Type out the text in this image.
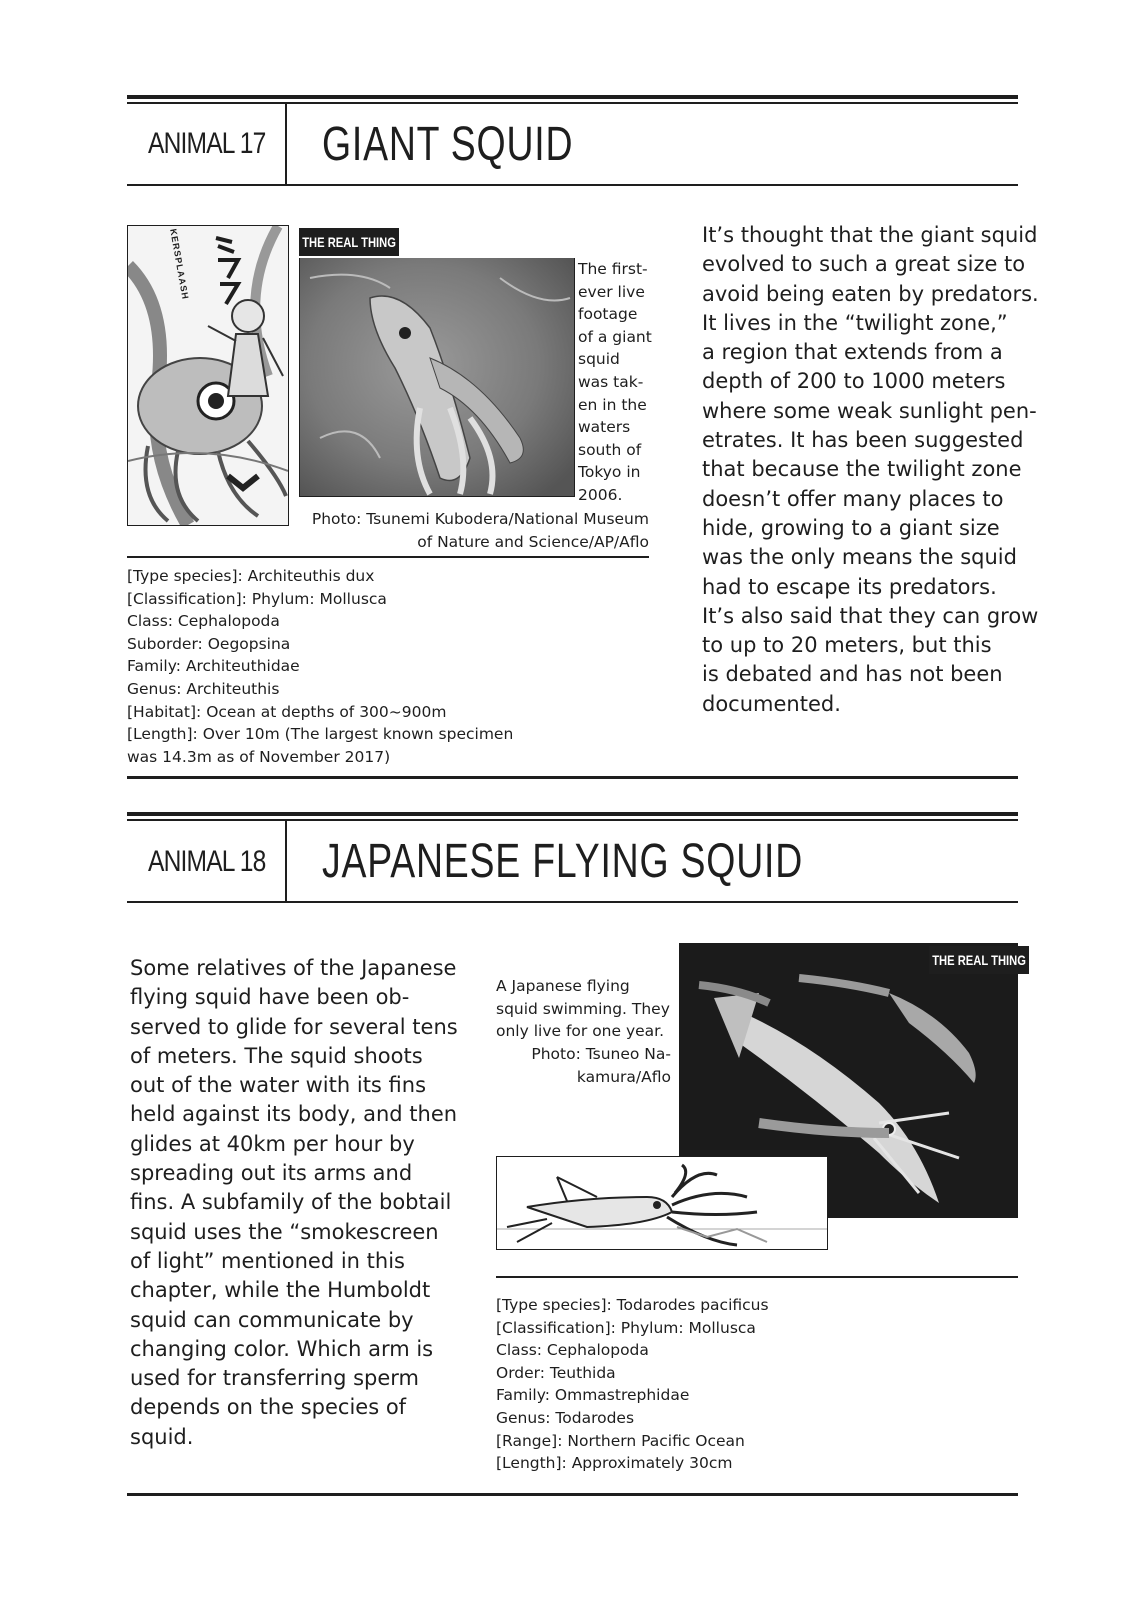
ANIMAL 17 GIANT SQUID
KERSPLAASH	THE REAL THING
The first-
ever live
footage
of a giant
squid
was tak-
en in the
waters
south of
Tokyo in
2006.
Photo: Tsunemi Kubodera/National Museum
of Nature and Science/AP/Aflo
[Type species]: Architeuthis dux
[Classification]: Phylum: Mollusca
Class: Cephalopoda
Suborder: Oegopsina
Family: Architeuthidae
Genus: Architeuthis
[Habitat]: Ocean at depths of 300~900m
[Length]: Over 10m (The largest known specimen
was 14.3m as of November 2017)
It’s thought that the giant squid
evolved to such a great size to
avoid being eaten by predators.
It lives in the “twilight zone,”
a region that extends from a
depth of 200 to 1000 meters
where some weak sunlight pen-
etrates. It has been suggested
that because the twilight zone
doesn’t offer many places to
hide, growing to a giant size
was the only means the squid
had to escape its predators.
It’s also said that they can grow
to up to 20 meters, but this
is debated and has not been
documented.
ANIMAL 18 JAPANESE FLYING SQUID
Some relatives of the Japanese
flying squid have been ob-
served to glide for several tens
of meters. The squid shoots
out of the water with its fins
held against its body, and then
glides at 40km per hour by
spreading out its arms and
fins. A subfamily of the bobtail
squid uses the “smokescreen
of light” mentioned in this
chapter, while the Humboldt
squid can communicate by
changing color. Which arm is
used for transferring sperm
depends on the species of
squid.
A Japanese flying
squid swimming. They
only live for one year.
Photo: Tsuneo Na-
kamura/Aflo
THE REAL THING
[Type species]: Todarodes pacificus
[Classification]: Phylum: Mollusca
Class: Cephalopoda
Order: Teuthida
Family: Ommastrephidae
Genus: Todarodes
[Range]: Northern Pacific Ocean
[Length]: Approximately 30cm
